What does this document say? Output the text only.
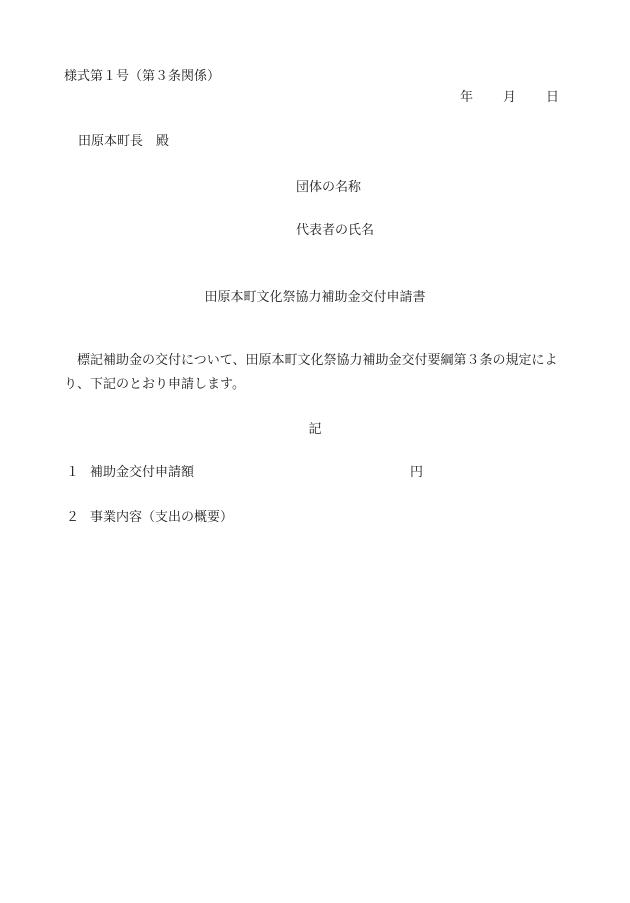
様式第１号（第３条関係）
年 月 日
田原本町長　殿
団体の名称
代表者の氏名
田原本町文化祭協力補助金交付申請書
標記補助金の交付について、田原本町文化祭協力補助金交付要綱第３条の規定により、下記のとおり申請します。
記
１ 補助金交付申請額	円
２ 事業内容（支出の概要）
